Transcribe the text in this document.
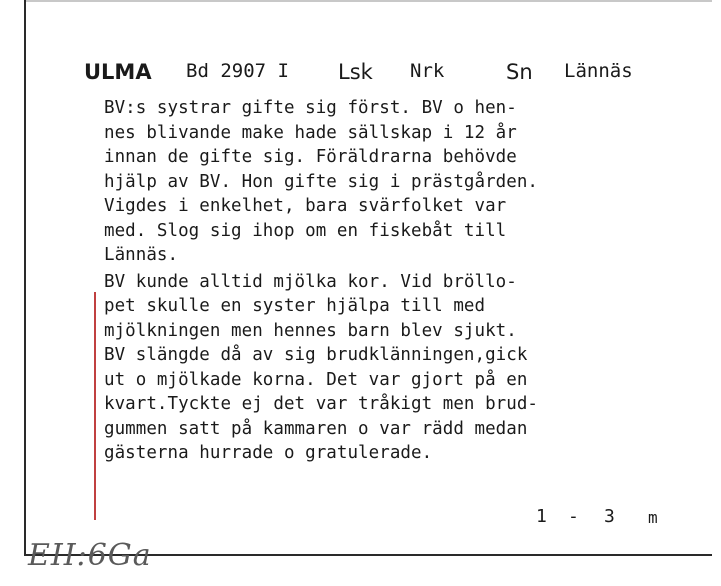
ULMA Bd 2907 I Lsk Nrk	Sn Lännäs
BV:s systrar gifte sig först. BV o hen-
nes blivande make hade sällskap i 12 år
innan de gifte sig. Föräldrarna behövde
hjälp av BV. Hon gifte sig i prästgården.
Vigdes i enkelhet, bara svärfolket var
med. Slog sig ihop om en fiskebåt till
Lännäs.
BV kunde alltid mjölka kor. Vid bröllo-
pet skulle en syster hjälpa till med
mjölkningen men hennes barn blev sjukt.
BV slängde då av sig brudklänningen,gick
ut o mjölkade korna. Det var gjort på en
kvart.Tyckte ej det var tråkigt men brud-
gummen satt på kammaren o var rädd medan
gästerna hurrade o gratulerade.
1 - 3 m
EII:6Ga
